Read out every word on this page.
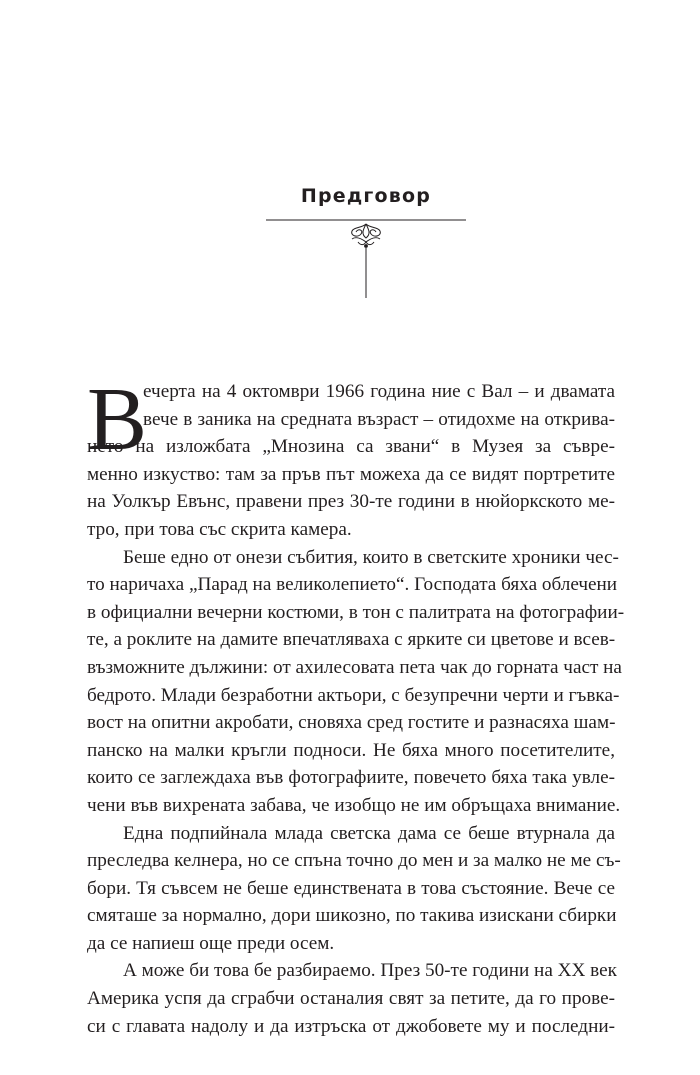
Предговор
В
ечерта на 4 октомври 1966 година ние с Вал – и двамата
вече в заника на средната възраст – отидохме на открива-
нето на изложбата „Мнозина са звани“ в Музея за съвре-
менно изкуство: там за пръв път можеха да се видят портретите
на Уолкър Евънс, правени през 30-те години в нюйоркското ме-
тро, при това със скрита камера.
Беше едно от онези събития, които в светските хроники чес-
то наричаха „Парад на великолепието“. Господата бяха облечени
в официални вечерни костюми, в тон с палитрата на фотографии-
те, а роклите на дамите впечатляваха с ярките си цветове и всев-
възможните дължини: от ахилесовата пета чак до горната част на
бедрото. Млади безработни актьори, с безупречни черти и гъвка-
вост на опитни акробати, сновяха сред гостите и разнасяха шам-
панско на малки кръгли подноси. Не бяха много посетителите,
които се заглеждаха във фотографиите, повечето бяха така увле-
чени във вихрената забава, че изобщо не им обръщаха внимание.
Една подпийнала млада светска дама се беше втурнала да
преследва келнера, но се спъна точно до мен и за малко не ме съ-
бори. Тя съвсем не беше единствената в това състояние. Вече се
смяташе за нормално, дори шикозно, по такива изискани сбирки
да се напиеш още преди осем.
А може би това бе разбираемо. През 50-те години на XX век
Америка успя да сграбчи останалия свят за петите, да го прове-
си с главата надолу и да изтръска от джобовете му и последни-
